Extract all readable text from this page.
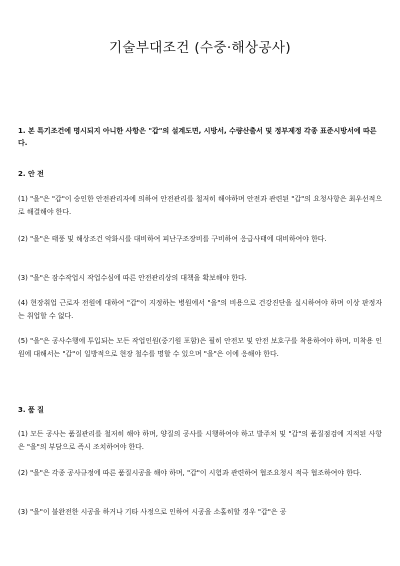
기술부대조건 (수중·해상공사)

1. 본 특기조건에 명시되지 아니한 사항은 "갑"의 설계도면, 시방서, 수량산출서 및 정부제정 각종 표준시방서에 따른다.

2. 안 전

(1) "을"은 "갑"이 승인한 안전관리자에 의하여 안전관리를 철저히 해야하며 안전과 관련된 "갑"의 요청사항은 최우선적으로 해결해야 한다.

(2) "을"은 태풍 및 해상조건 악화시를 대비하여 피난구조장비를 구비하여 응급사태에 대비하여야 한다.

(3) "을"은 잠수작업시 작업수심에 따른 안전관리상의 대책을 확보해야 한다.

(4) 현장취업 근로자 전원에 대하여 "갑"이 지정하는 병원에서 "을"의 비용으로 건강진단을 실시하여야 하며 이상 판정자는 취업할 수 없다.

(5) "을"은 공사수행에 투입되는 모든 작업인원(중기원 포함)은 필히 안전모 및 안전 보호구를 착용하여야 하며, 미착용 인원에 대해서는 "갑"이 일방적으로 현장 철수를 명할 수 있으며 "을"은 이에 응해야 한다.

3. 품 질

(1) 모든 공사는 품질관리를 철저히 해야 하며, 양질의 공사를 시행하여야 하고 발주처 및 "갑"의 품질점검에 지적된 사항은 "을"의 부담으로 즉시 조치하여야 한다.

(2) "을"은 각종 공사규정에 따른 품질시공을 해야 하며, "갑"이 시험과 관련하여 협조요청시 적극 협조하여야 한다.

(3) "을"이 불완전한 시공을 하거나 기타 사정으로 인하여 시공을 소홀히할 경우 "갑"은 공
